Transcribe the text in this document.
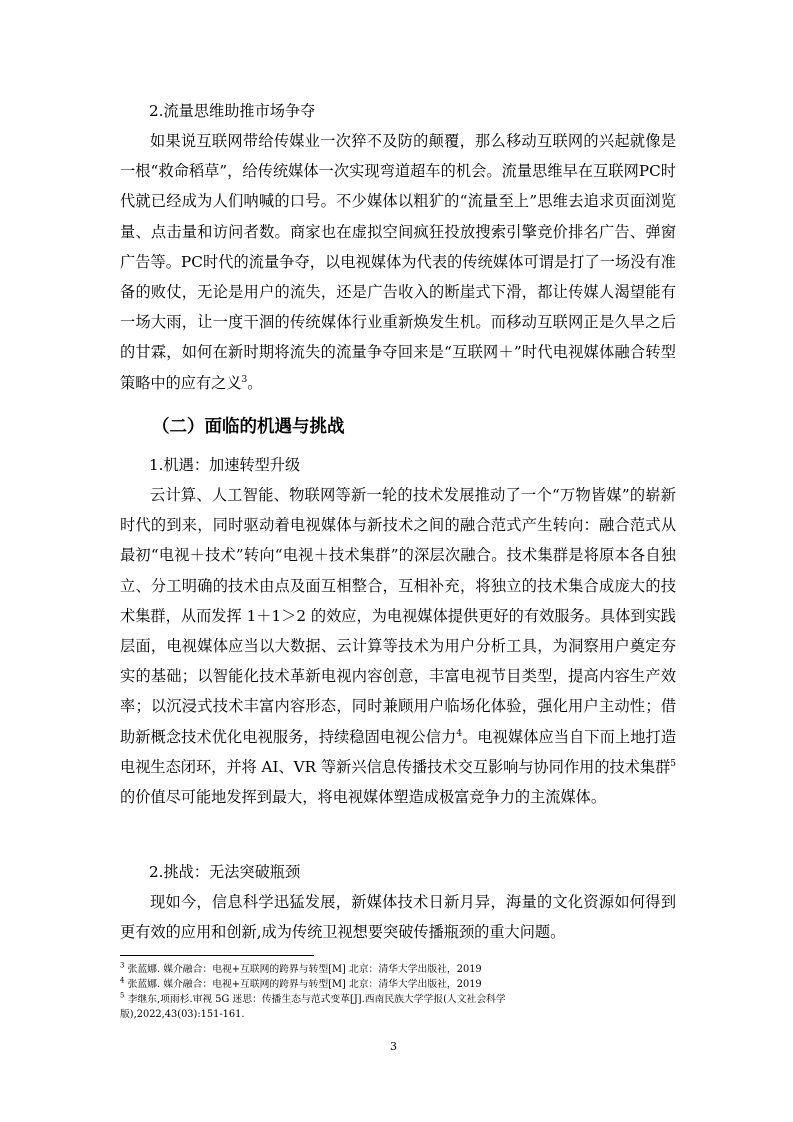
2.流量思维助推市场争夺

如果说互联网带给传媒业一次猝不及防的颠覆，那么移动互联网的兴起就像是一根“救命稻草”，给传统媒体一次实现弯道超车的机会。流量思维早在互联网PC时代就已经成为人们呐喊的口号。不少媒体以粗犷的“流量至上”思维去追求页面浏览量、点击量和访问者数。商家也在虚拟空间疯狂投放搜索引擎竞价排名广告、弹窗广告等。PC时代的流量争夺，以电视媒体为代表的传统媒体可谓是打了一场没有准备的败仗，无论是用户的流失，还是广告收入的断崖式下滑，都让传媒人渴望能有一场大雨，让一度干涸的传统媒体行业重新焕发生机。而移动互联网正是久旱之后的甘霖，如何在新时期将流失的流量争夺回来是“互联网＋”时代电视媒体融合转型策略中的应有之义$^3$。

1.机遇：加速转型升级

云计算、人工智能、物联网等新一轮的技术发展推动了一个“万物皆媒”的崭新时代的到来，同时驱动着电视媒体与新技术之间的融合范式产生转向：融合范式从最初“电视＋技术”转向“电视＋技术集群”的深层次融合。技术集群是将原本各自独立、分工明确的技术由点及面互相整合，互相补充，将独立的技术集合成庞大的技术集群，从而发挥 1＋1＞2 的效应，为电视媒体提供更好的有效服务。具体到实践层面，电视媒体应当以大数据、云计算等技术为用户分析工具，为洞察用户奠定夯实的基础；以智能化技术革新电视内容创意，丰富电视节目类型，提高内容生产效率；以沉浸式技术丰富内容形态，同时兼顾用户临场化体验，强化用户主动性；借助新概念技术优化电视服务，持续稳固电视公信力$^4$。电视媒体应当自下而上地打造电视生态闭环，并将 AI、VR 等新兴信息传播技术交互影响与协同作用的技术集群$^5$的价值尽可能地发挥到最大，将电视媒体塑造成极富竞争力的主流媒体。

2.挑战：无法突破瓶颈

现如今，信息科学迅猛发展，新媒体技术日新月异，海量的文化资源如何得到更有效的应用和创新,成为传统卫视想要突破传播瓶颈的重大问题。

（二）面临的机遇与挑战
$^3$ 张蓝娜. 媒介融合：电视+互联网的跨界与转型[M] 北京：清华大学出版社，2019
$^4$ 张蓝娜. 媒介融合：电视+互联网的跨界与转型[M] 北京：清华大学出版社，2019
$^5$ 李继东,项雨杉.审视 5G 迷思：传播生态与范式变革[J].西南民族大学学报(人文社会科学版),2022,43(03):151-161.
3
